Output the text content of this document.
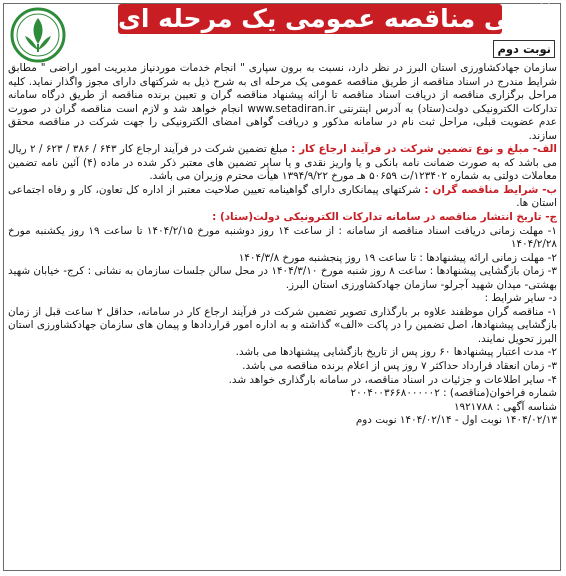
آگهی مناقصه عمومی یک مرحله ای
نوبت دوم

سازمان جهادکشاورزی استان البرز در نظر دارد، نسبت به برون سپاری " انجام خدمات موردنیاز مدیریت امور اراضی " مطابق شرایط مندرج در اسناد مناقصه از طریق مناقصه عمومی یک مرحله ای به شرح ذیل به شرکتهای دارای مجوز واگذار نماید. کلیه مراحل برگزاری مناقصه از دریافت اسناد مناقصه تا ارائه پیشنهاد مناقصه گران و تعیین برنده مناقصه از طریق درگاه سامانه تدارکات الکترونیکی دولت(ستاد) به آدرس اینترنتی www.setadiran.ir انجام خواهد شد و لازم است مناقصه گران در صورت عدم عضویت قبلی، مراحل ثبت نام در سامانه مذکور و دریافت گواهی امضای الکترونیکی را جهت شرکت در مناقصه محقق سازند.

الف- مبلغ و نوع تضمین شرکت در فرآیند ارجاع کار : مبلغ تضمین شرکت در فرآیند ارجاع کار ۶۴۳ / ۳۸۶ / ۶۲۳ / ۲ ریال می باشد که به صورت ضمانت نامه بانکی و یا واریز نقدی و یا سایر تضمین های معتبر ذکر شده در ماده (۴) آئین نامه تضمین معاملات دولتی به شماره ۱۲۳۴۰۲/ت ۵۰۶۵۹ هـ مورخ ۱۳۹۴/۹/۲۲ هیأت محترم وزیران می باشد.

ب- شرایط مناقصه گران : شرکتهای پیمانکاری دارای گواهینامه تعیین صلاحیت معتبر از اداره کل تعاون، کار و رفاه اجتماعی استان ها.

ج- تاریخ انتشار مناقصه در سامانه تدارکات الکترونیکی دولت(ستاد) :

۱- مهلت زمانی دریافت اسناد مناقصه از سامانه : از ساعت ۱۴ روز دوشنبه مورخ ۱۴۰۴/۲/۱۵ تا ساعت ۱۹ روز یکشنبه مورخ ۱۴۰۴/۲/۲۸

۲- مهلت زمانی ارائه پیشنهادها : تا ساعت ۱۹ روز پنجشنبه مورخ ۱۴۰۴/۳/۸

۳- زمان بازگشایی پیشنهادها : ساعت ۸ روز شنبه مورخ ۱۴۰۴/۳/۱۰ در محل سالن جلسات سازمان به نشانی : کرج- خیابان شهید بهشتی- میدان شهید آجرلو- سازمان جهادکشاورزی استان البرز.

د- سایر شرایط :

۱- مناقصه گران موظفند علاوه بر بارگذاری تصویر تضمین شرکت در فرآیند ارجاع کار در سامانه، حداقل ۲ ساعت قبل از زمان بازگشایی پیشنهادها، اصل تضمین را در پاکت «الف» گذاشته و به اداره امور قراردادها و پیمان های سازمان جهادکشاورزی استان البرز تحویل نمایند.

۲- مدت اعتبار پیشنهادها ۶۰ روز پس از تاریخ بازگشایی پیشنهادها می باشد.

۳- زمان انعقاد قرارداد حداکثر ۷ روز پس از اعلام برنده مناقصه می باشد.

۴- سایر اطلاعات و جزئیات در اسناد مناقصه، در سامانه بارگذاری خواهد شد.

شماره فراخوان(مناقصه) : ۲۰۰۴۰۰۳۶۶۸۰۰۰۰۰۲

شناسه آگهی : ۱۹۲۱۷۸۸

۱۴۰۴/۰۲/۱۳ نوبت اول - ۱۴۰۴/۰۲/۱۴ نوبت دوم
